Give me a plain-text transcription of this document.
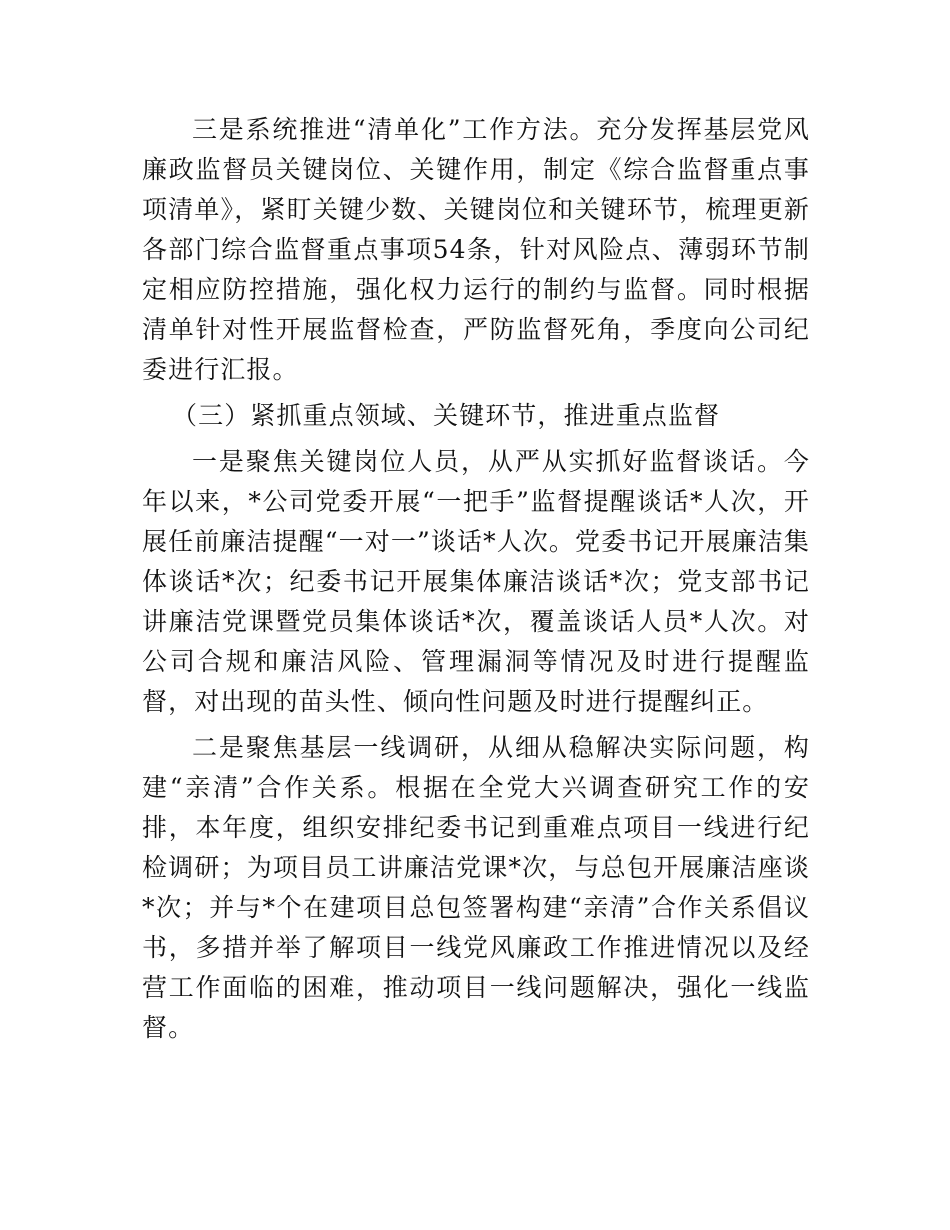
三是系统推进“清单化”工作方法。充分发挥基层党风廉政监督员关键岗位、关键作用，制定《综合监督重点事项清单》，紧盯关键少数、关键岗位和关键环节，梳理更新各部门综合监督重点事项54条，针对风险点、薄弱环节制定相应防控措施，强化权力运行的制约与监督。同时根据清单针对性开展监督检查，严防监督死角，季度向公司纪委进行汇报。

（三）紧抓重点领域、关键环节，推进重点监督

一是聚焦关键岗位人员，从严从实抓好监督谈话。今年以来，*公司党委开展“一把手”监督提醒谈话*人次，开展任前廉洁提醒“一对一”谈话*人次。党委书记开展廉洁集体谈话*次；纪委书记开展集体廉洁谈话*次；党支部书记讲廉洁党课暨党员集体谈话*次，覆盖谈话人员*人次。对公司合规和廉洁风险、管理漏洞等情况及时进行提醒监督，对出现的苗头性、倾向性问题及时进行提醒纠正。

二是聚焦基层一线调研，从细从稳解决实际问题，构建“亲清”合作关系。根据在全党大兴调查研究工作的安排，本年度，组织安排纪委书记到重难点项目一线进行纪检调研；为项目员工讲廉洁党课*次，与总包开展廉洁座谈*次；并与*个在建项目总包签署构建“亲清”合作关系倡议书，多措并举了解项目一线党风廉政工作推进情况以及经营工作面临的困难，推动项目一线问题解决，强化一线监督。
